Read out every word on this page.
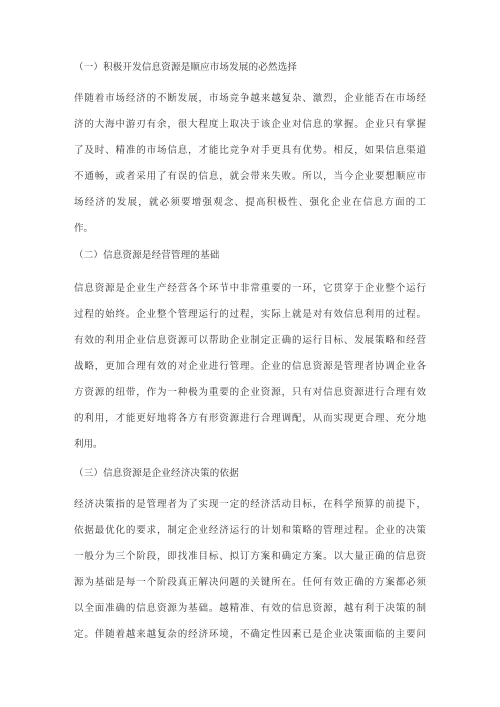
（一）积极开发信息资源是顺应市场发展的必然选择
伴随着市场经济的不断发展，市场竞争越来越复杂、激烈，企业能否在市场经
济的大海中游刃有余，很大程度上取决于该企业对信息的掌握。企业只有掌握
了及时、精准的市场信息，才能比竞争对手更具有优势。相反，如果信息渠道
不通畅，或者采用了有误的信息，就会带来失败。所以，当今企业要想顺应市
场经济的发展，就必须要增强观念、提高积极性、强化企业在信息方面的工
作。
（二）信息资源是经营管理的基础
信息资源是企业生产经营各个环节中非常重要的一环，它贯穿于企业整个运行
过程的始终。企业整个管理运行的过程，实际上就是对有效信息利用的过程。
有效的利用企业信息资源可以帮助企业制定正确的运行目标、发展策略和经营
战略，更加合理有效的对企业进行管理。企业的信息资源是管理者协调企业各
方资源的纽带，作为一种极为重要的企业资源，只有对信息资源进行合理有效
的利用，才能更好地将各方有形资源进行合理调配，从而实现更合理、充分地
利用。
（三）信息资源是企业经济决策的依据
经济决策指的是管理者为了实现一定的经济活动目标，在科学预算的前提下，
依据最优化的要求，制定企业经济运行的计划和策略的管理过程。企业的决策
一般分为三个阶段，即找准目标、拟订方案和确定方案。以大量正确的信息资
源为基础是每一个阶段真正解决问题的关键所在。任何有效正确的方案都必须
以全面准确的信息资源为基础。越精准、有效的信息资源，越有利于决策的制
定。伴随着越来越复杂的经济环境，不确定性因素已是企业决策面临的主要问
